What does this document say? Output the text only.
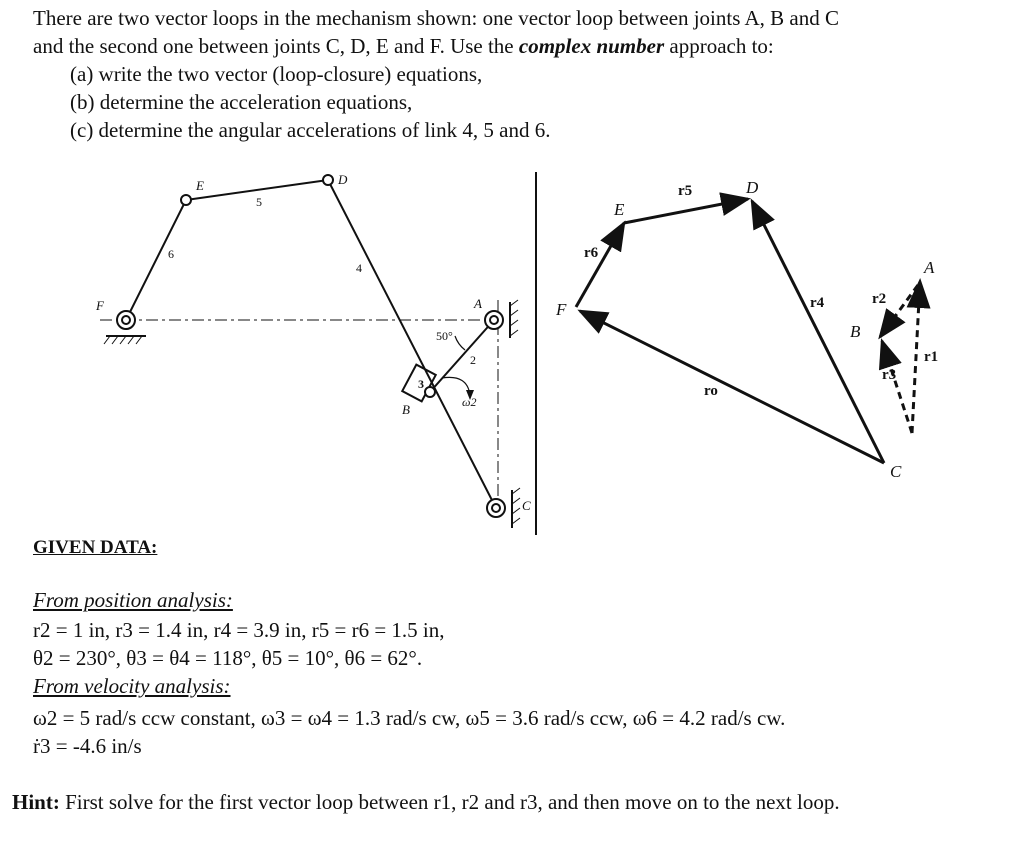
There are two vector loops in the mechanism shown: one vector loop between joints A, B and C
and the second one between joints C, D, E and F. Use the complex number approach to:
(a) write the two vector (loop-closure) equations,
(b) determine the acceleration equations,
(c) determine the angular accelerations of link 4, 5 and 6.
E	D
F	A
B
C
5
6
4
2
3
50°
ω2
E
D
F
A
B
C
r5
r6
r4	r2
r1
r3
ro
GIVEN DATA:
From position analysis:
r2 = 1 in, r3 = 1.4 in, r4 = 3.9 in, r5 = r6 = 1.5 in,
θ2 = 230°, θ3 = θ4 = 118°, θ5 = 10°, θ6 = 62°.
From velocity analysis:
ω2 = 5 rad/s ccw constant, ω3 = ω4 = 1.3 rad/s cw, ω5 = 3.6 rad/s ccw, ω6 = 4.2 rad/s cw.
ṙ3 = -4.6 in/s
Hint: First solve for the first vector loop between r1, r2 and r3, and then move on to the next loop.
